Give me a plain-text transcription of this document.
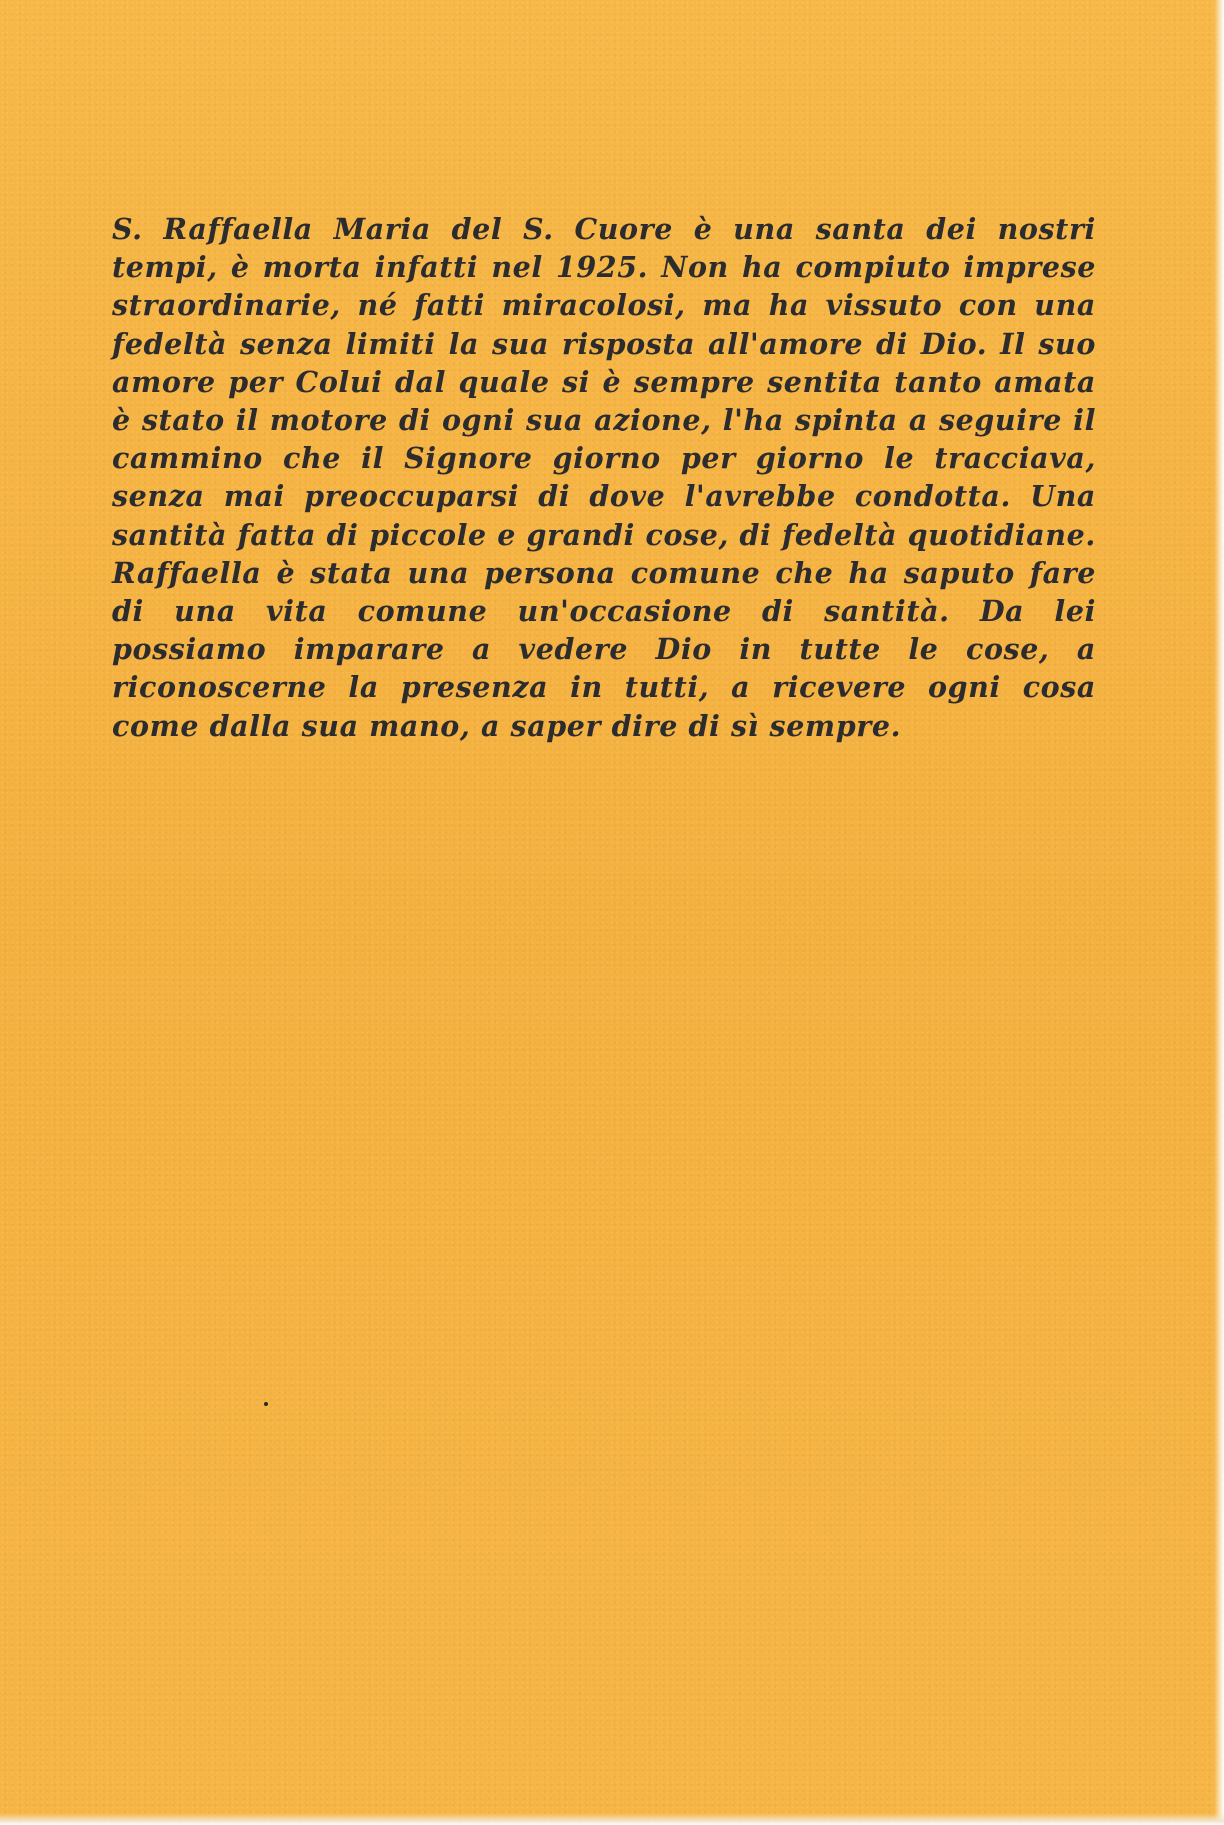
S. Raffaella Maria del S. Cuore è una santa dei nostri tempi, è morta infatti nel 1925. Non ha compiuto imprese straordinarie, né fatti miracolosi, ma ha vissuto con una fedeltà senza limiti la sua risposta all'amore di Dio. Il suo amore per Colui dal quale si è sempre sentita tanto amata è stato il motore di ogni sua azione, l'ha spinta a seguire il cammino che il Signore giorno per giorno le tracciava, senza mai preoccuparsi di dove l'avrebbe condotta. Una santità fatta di piccole e grandi cose, di fedeltà quotidiane.

Raffaella è stata una persona comune che ha saputo fare di una vita comune un'occasione di santità. Da lei possiamo imparare a vedere Dio in tutte le cose, a riconoscerne la presenza in tutti, a ricevere ogni cosa come dalla sua mano, a saper dire di sì sempre.
